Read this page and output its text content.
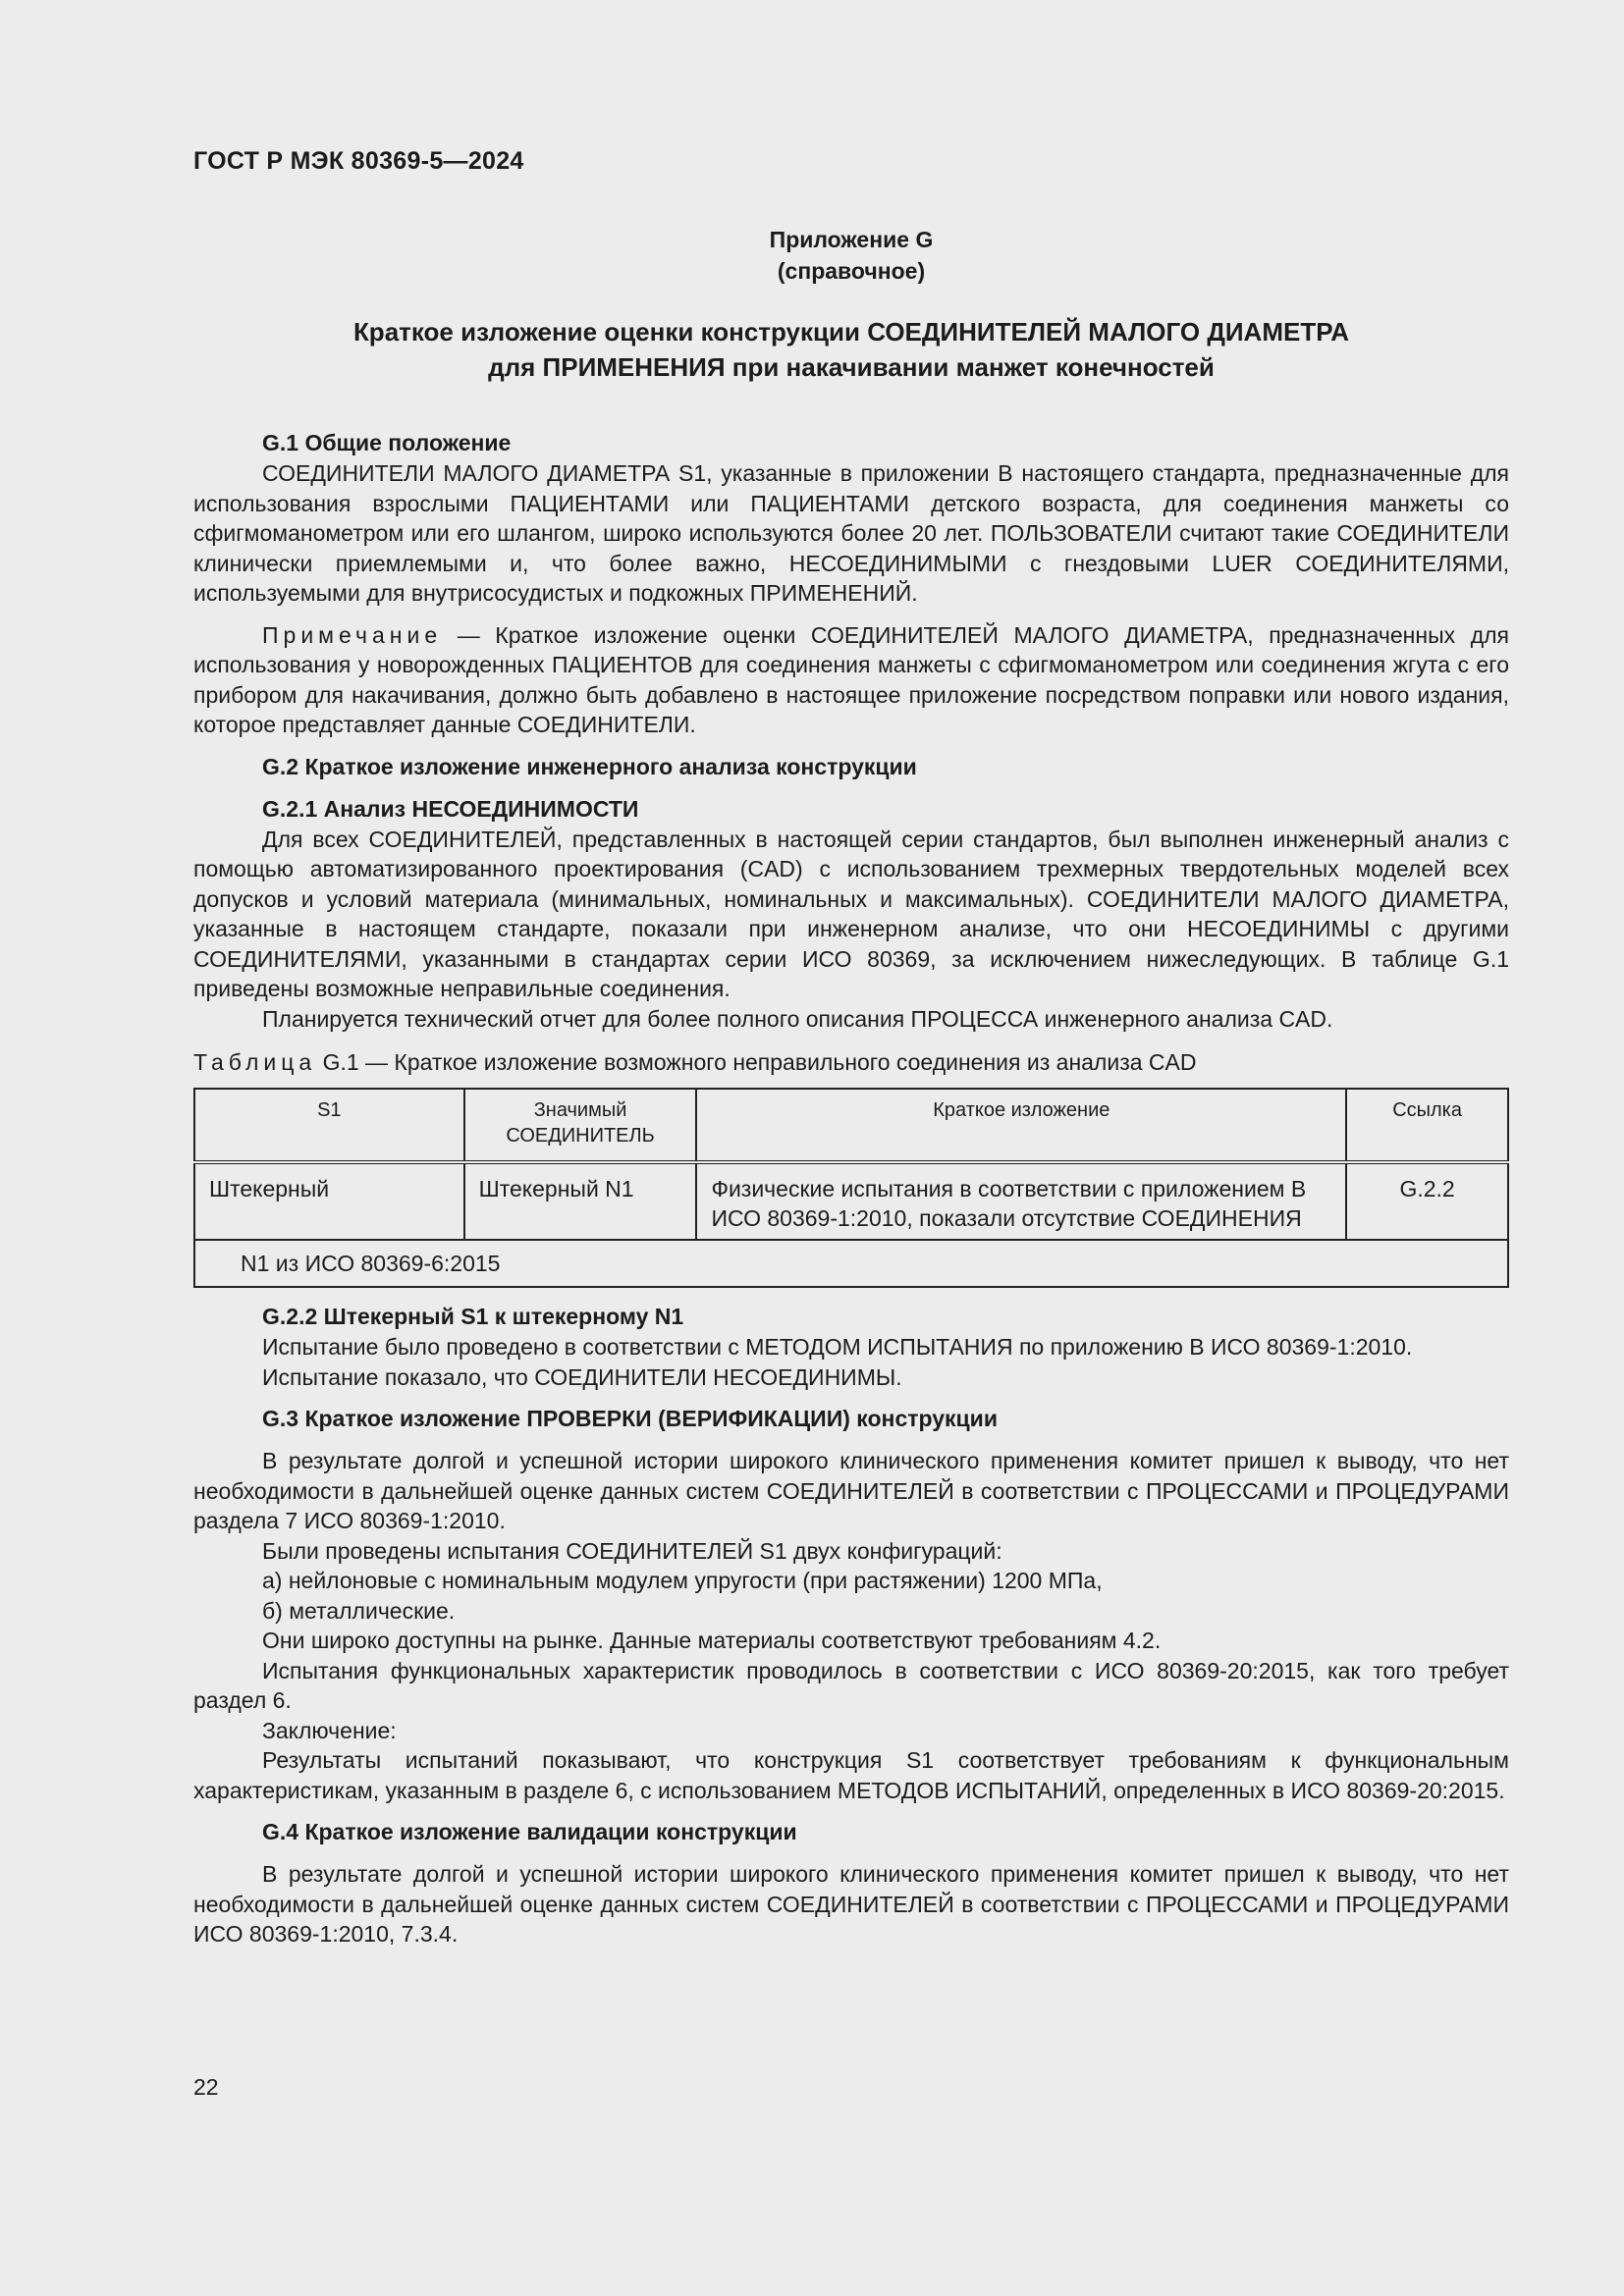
ГОСТ Р МЭК 80369-5—2024
Приложение G
(справочное)
Краткое изложение оценки конструкции СОЕДИНИТЕЛЕЙ МАЛОГО ДИАМЕТРА
для ПРИМЕНЕНИЯ при накачивании манжет конечностей

G.1 Общие положение

СОЕДИНИТЕЛИ МАЛОГО ДИАМЕТРА S1, указанные в приложении В настоящего стандарта, предназначенные для использования взрослыми ПАЦИЕНТАМИ или ПАЦИЕНТАМИ детского возраста, для соединения манжеты со сфигмоманометром или его шлангом, широко используются более 20 лет. ПОЛЬЗОВАТЕЛИ считают такие СОЕДИНИТЕЛИ клинически приемлемыми и, что более важно, НЕСОЕДИНИМЫМИ с гнездовыми LUER СОЕДИНИТЕЛЯМИ, используемыми для внутрисосудистых и подкожных ПРИМЕНЕНИЙ.

Примечание — Краткое изложение оценки СОЕДИНИТЕЛЕЙ МАЛОГО ДИАМЕТРА, предназначенных для использования у новорожденных ПАЦИЕНТОВ для соединения манжеты с сфигмоманометром или соединения жгута с его прибором для накачивания, должно быть добавлено в настоящее приложение посредством поправки или нового издания, которое представляет данные СОЕДИНИТЕЛИ.

G.2 Краткое изложение инженерного анализа конструкции

G.2.1 Анализ НЕСОЕДИНИМОСТИ

Для всех СОЕДИНИТЕЛЕЙ, представленных в настоящей серии стандартов, был выполнен инженерный анализ с помощью автоматизированного проектирования (CAD) с использованием трехмерных твердотельных моделей всех допусков и условий материала (минимальных, номинальных и максимальных). СОЕДИНИТЕЛИ МАЛОГО ДИАМЕТРА, указанные в настоящем стандарте, показали при инженерном анализе, что они НЕСОЕДИНИМЫ с другими СОЕДИНИТЕЛЯМИ, указанными в стандартах серии ИСО 80369, за исключением нижеследующих. В таблице G.1 приведены возможные неправильные соединения.

Планируется технический отчет для более полного описания ПРОЦЕССА инженерного анализа CAD.

Таблица G.1 — Краткое изложение возможного неправильного соединения из анализа CAD

S1	Значимый СОЕДИНИТЕЛЬ	Краткое изложение	Ссылка
Штекерный	Штекерный N1	Физические испытания в соответствии с приложением В ИСО 80369-1:2010, показали отсутствие СОЕДИНЕНИЯ	G.2.2
N1 из ИСО 80369-6:2015			

G.2.2 Штекерный S1 к штекерному N1

Испытание было проведено в соответствии с МЕТОДОМ ИСПЫТАНИЯ по приложению В ИСО 80369-1:2010.

Испытание показало, что СОЕДИНИТЕЛИ НЕСОЕДИНИМЫ.

G.3 Краткое изложение ПРОВЕРКИ (ВЕРИФИКАЦИИ) конструкции

В результате долгой и успешной истории широкого клинического применения комитет пришел к выводу, что нет необходимости в дальнейшей оценке данных систем СОЕДИНИТЕЛЕЙ в соответствии с ПРОЦЕССАМИ и ПРОЦЕДУРАМИ раздела 7 ИСО 80369-1:2010.

Были проведены испытания СОЕДИНИТЕЛЕЙ S1 двух конфигураций:

а) нейлоновые с номинальным модулем упругости (при растяжении) 1200 МПа,

б) металлические.

Они широко доступны на рынке. Данные материалы соответствуют требованиям 4.2.

Испытания функциональных характеристик проводилось в соответствии с ИСО 80369-20:2015, как того требует раздел 6.

Заключение:

Результаты испытаний показывают, что конструкция S1 соответствует требованиям к функциональным характеристикам, указанным в разделе 6, с использованием МЕТОДОВ ИСПЫТАНИЙ, определенных в ИСО 80369-20:2015.

G.4 Краткое изложение валидации конструкции

В результате долгой и успешной истории широкого клинического применения комитет пришел к выводу, что нет необходимости в дальнейшей оценке данных систем СОЕДИНИТЕЛЕЙ в соответствии с ПРОЦЕССАМИ и ПРОЦЕДУРАМИ ИСО 80369-1:2010, 7.3.4.

22
